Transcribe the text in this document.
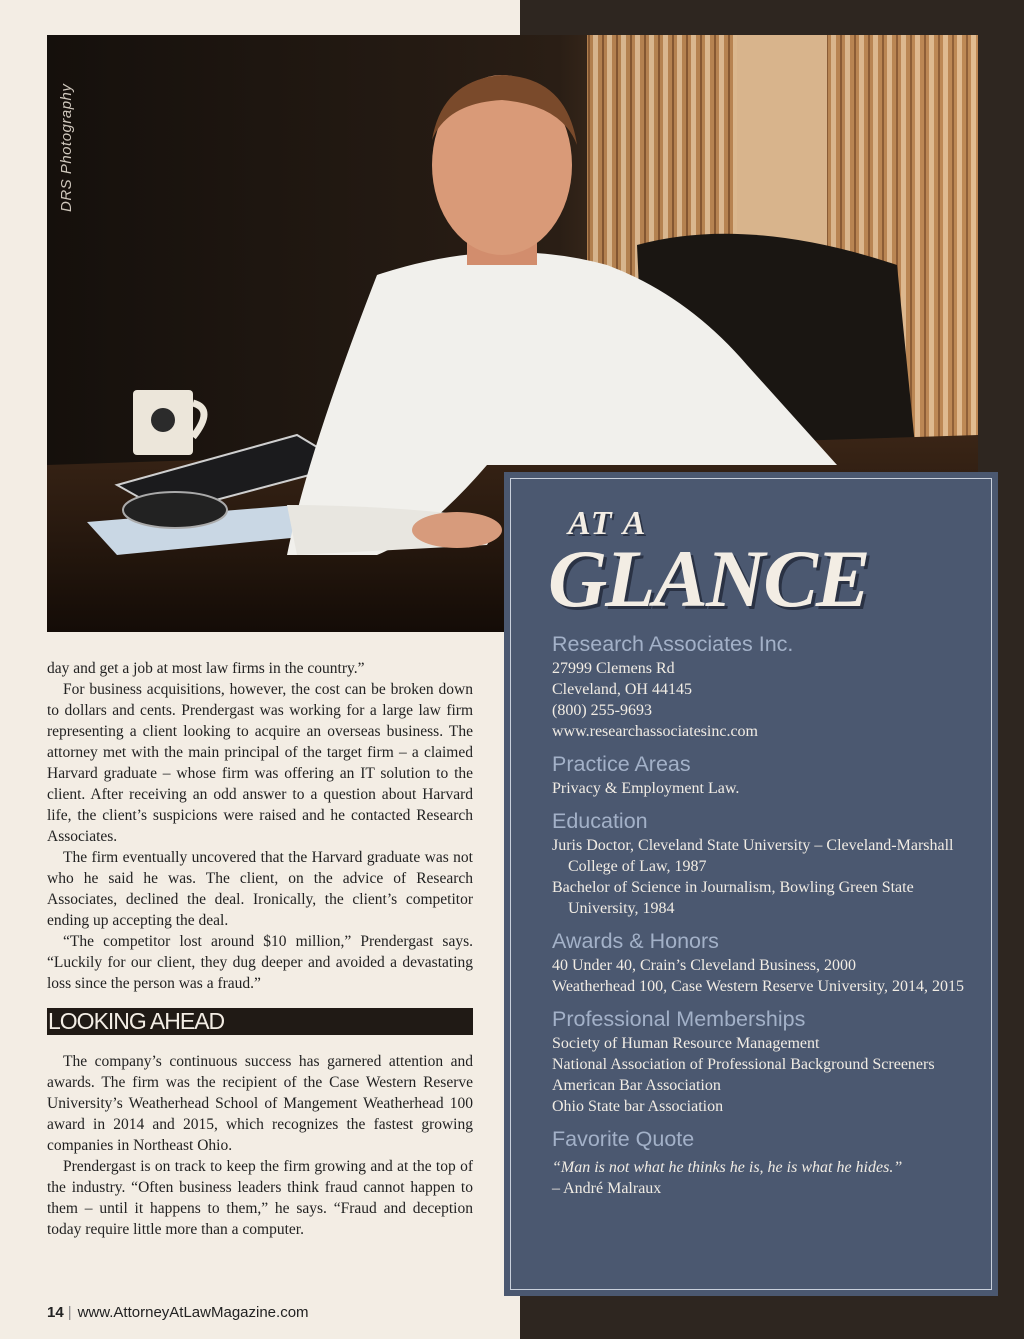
DRS Photography

day and get a job at most law firms in the country.”

For business acquisitions, however, the cost can be broken down to dollars and cents. Prendergast was working for a large law firm representing a client looking to acquire an overseas business. The attorney met with the main principal of the target firm – a claimed Harvard graduate – whose firm was offering an IT solution to the client. After receiving an odd answer to a question about Harvard life, the client’s suspicions were raised and he contacted Research Associates.

The firm eventually uncovered that the Harvard graduate was not who he said he was. The client, on the advice of Research Associates, declined the deal. Ironically, the client’s competitor ending up accepting the deal.

“The competitor lost around $10 million,” Prendergast says. “Luckily for our client, they dug deeper and avoided a devastating loss since the person was a fraud.”

LOOKING AHEAD

The company’s continuous success has garnered attention and awards. The firm was the recipient of the Case Western Reserve University’s Weatherhead School of Mangement Weatherhead 100 award in 2014 and 2015, which recognizes the fastest growing companies in Northeast Ohio.

Prendergast is on track to keep the firm growing and at the top of the industry. “Often business leaders think fraud cannot happen to them – until it happens to them,” he says. “Fraud and deception today require little more than a computer.

14 | www.AttorneyAtLawMagazine.com
AT A
GLANCE
Research Associates Inc.

27999 Clemens Rd

Cleveland, OH 44145

(800) 255-9693

www.researchassociatesinc.com

Practice Areas

Privacy & Employment Law.

Education

Juris Doctor, Cleveland State University – Cleveland-Marshall College of Law, 1987

Bachelor of Science in Journalism, Bowling Green State University, 1984

Awards & Honors

40 Under 40, Crain’s Cleveland Business, 2000

Weatherhead 100, Case Western Reserve University, 2014, 2015

Professional Memberships

Society of Human Resource Management

National Association of Professional Background Screeners

American Bar Association

Ohio State bar Association

Favorite Quote

“Man is not what he thinks he is, he is what he hides.”

– André Malraux
